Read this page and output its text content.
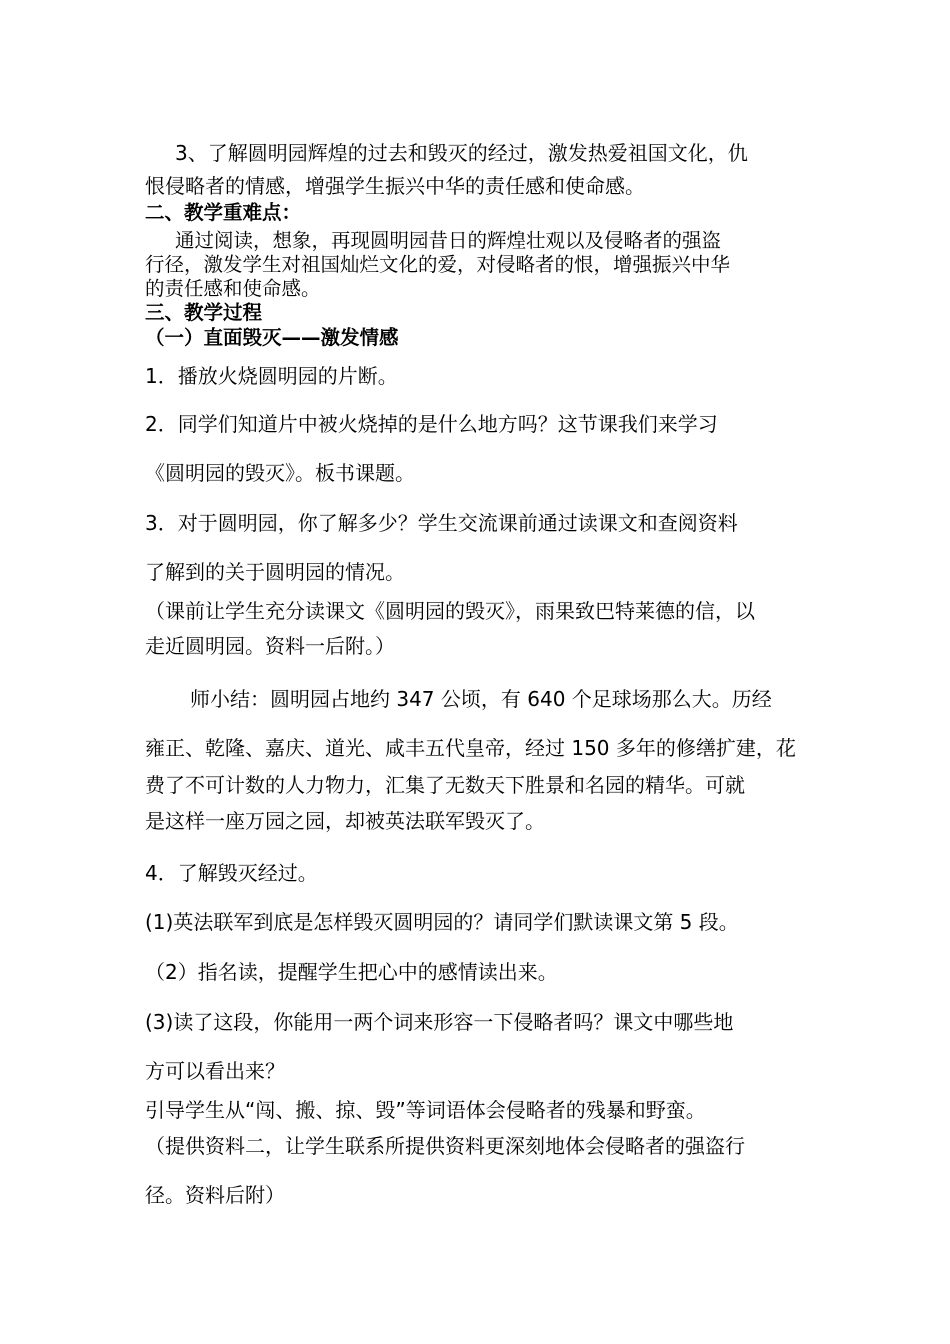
3、了解圆明园辉煌的过去和毁灭的经过，激发热爱祖国文化，仇
恨侵略者的情感，增强学生振兴中华的责任感和使命感。
二、教学重难点：
通过阅读，想象，再现圆明园昔日的辉煌壮观以及侵略者的强盗
行径，激发学生对祖国灿烂文化的爱，对侵略者的恨，增强振兴中华
的责任感和使命感。
三、教学过程
（一）直面毁灭——激发情感
1．播放火烧圆明园的片断。
2．同学们知道片中被火烧掉的是什么地方吗？这节课我们来学习
《圆明园的毁灭》。板书课题。
3．对于圆明园，你了解多少？学生交流课前通过读课文和查阅资料
了解到的关于圆明园的情况。
（课前让学生充分读课文《圆明园的毁灭》，雨果致巴特莱德的信，以
走近圆明园。资料一后附。）
师小结：圆明园占地约 347 公顷，有 640 个足球场那么大。历经
雍正、乾隆、嘉庆、道光、咸丰五代皇帝，经过 150 多年的修缮扩建，花
费了不可计数的人力物力，汇集了无数天下胜景和名园的精华。可就
是这样一座万园之园，却被英法联军毁灭了。
4．了解毁灭经过。
(1)英法联军到底是怎样毁灭圆明园的？请同学们默读课文第 5 段。
（2）指名读，提醒学生把心中的感情读出来。
(3)读了这段，你能用一两个词来形容一下侵略者吗？课文中哪些地
方可以看出来？
引导学生从“闯、搬、掠、毁”等词语体会侵略者的残暴和野蛮。
（提供资料二，让学生联系所提供资料更深刻地体会侵略者的强盗行
径。资料后附）
